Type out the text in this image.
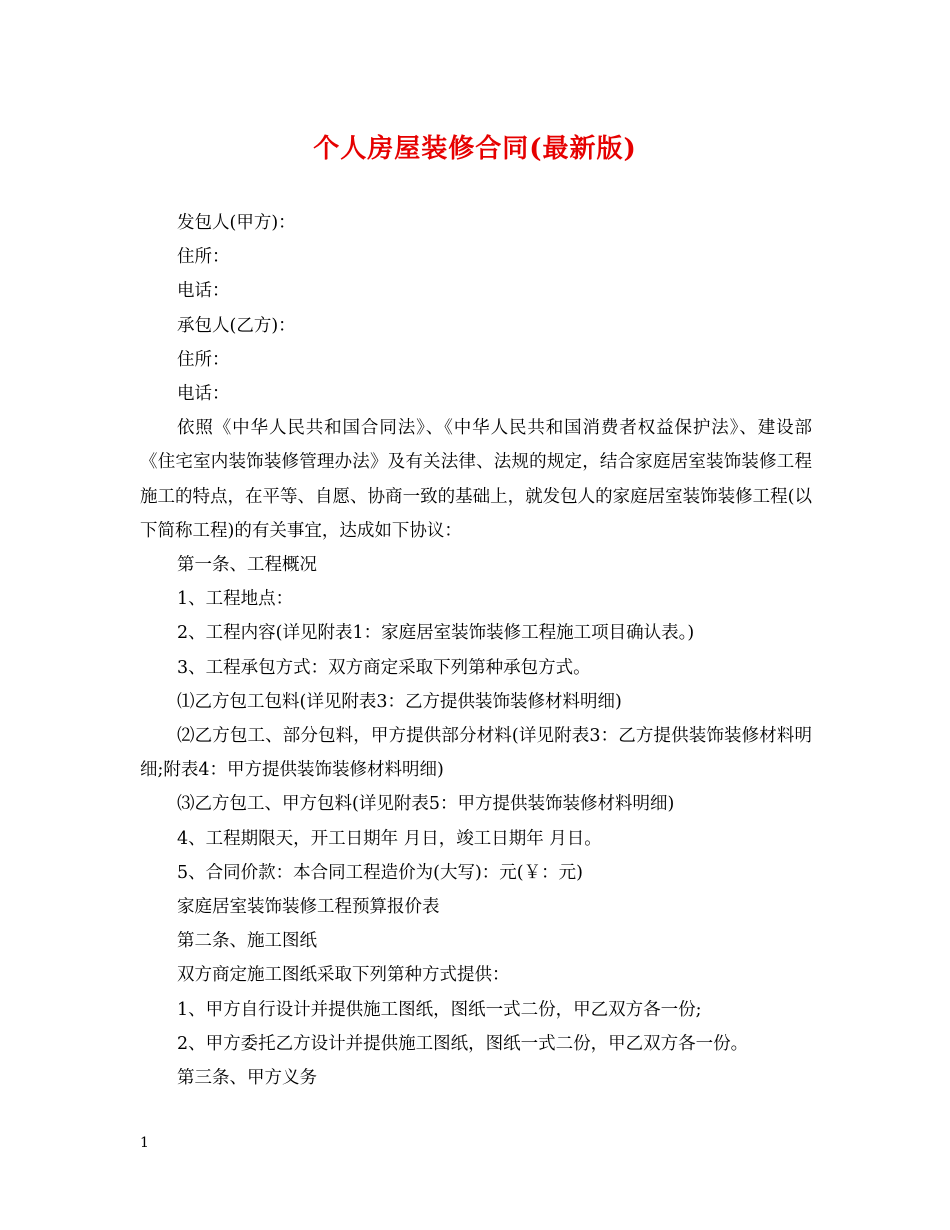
个人房屋装修合同(最新版)
发包人(甲方)：
住所：
电话：
承包人(乙方)：
住所：
电话：
依照《中华人民共和国合同法》、《中华人民共和国消费者权益保护法》、建设部《住宅室内装饰装修管理办法》及有关法律、法规的规定，结合家庭居室装饰装修工程施工的特点，在平等、自愿、协商一致的基础上，就发包人的家庭居室装饰装修工程(以下简称工程)的有关事宜，达成如下协议：
第一条、工程概况
1、工程地点：
2、工程内容(详见附表1：家庭居室装饰装修工程施工项目确认表。)
3、工程承包方式：双方商定采取下列第种承包方式。
⑴乙方包工包料(详见附表3：乙方提供装饰装修材料明细)
⑵乙方包工、部分包料，甲方提供部分材料(详见附表3：乙方提供装饰装修材料明细;附表4：甲方提供装饰装修材料明细)
⑶乙方包工、甲方包料(详见附表5：甲方提供装饰装修材料明细)
4、工程期限天，开工日期年 月日，竣工日期年 月日。
5、合同价款：本合同工程造价为(大写)：元(￥：元)
家庭居室装饰装修工程预算报价表
第二条、施工图纸
双方商定施工图纸采取下列第种方式提供：
1、甲方自行设计并提供施工图纸，图纸一式二份，甲乙双方各一份;
2、甲方委托乙方设计并提供施工图纸，图纸一式二份，甲乙双方各一份。
第三条、甲方义务
1
